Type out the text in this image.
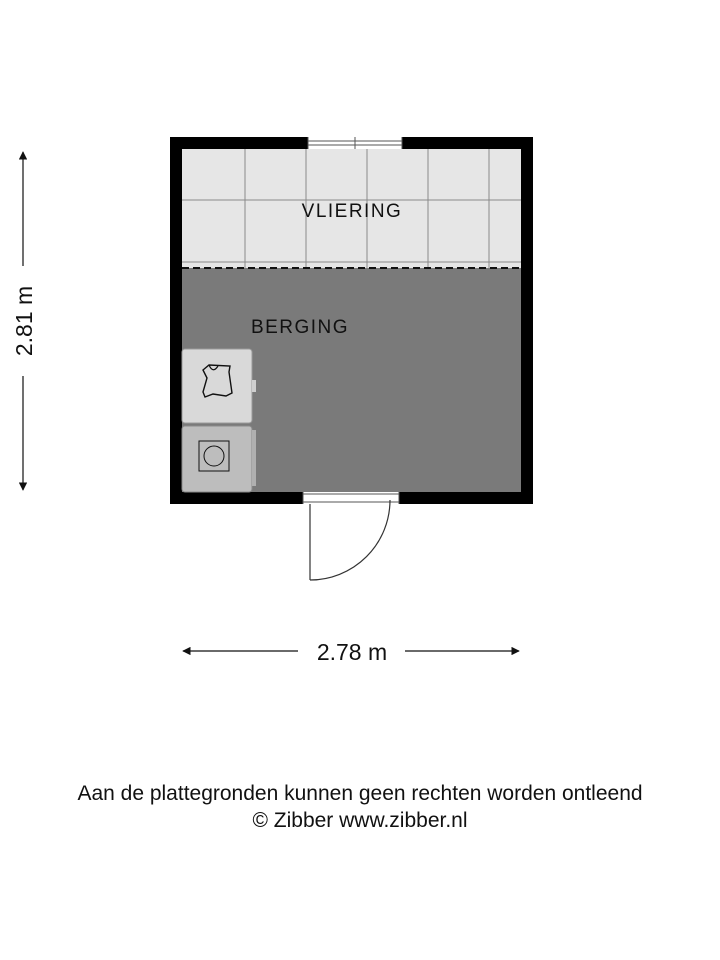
VLIERING
BERGING
2.81 m
2.78 m
Aan de plattegronden kunnen geen rechten worden ontleend
© Zibber www.zibber.nl
